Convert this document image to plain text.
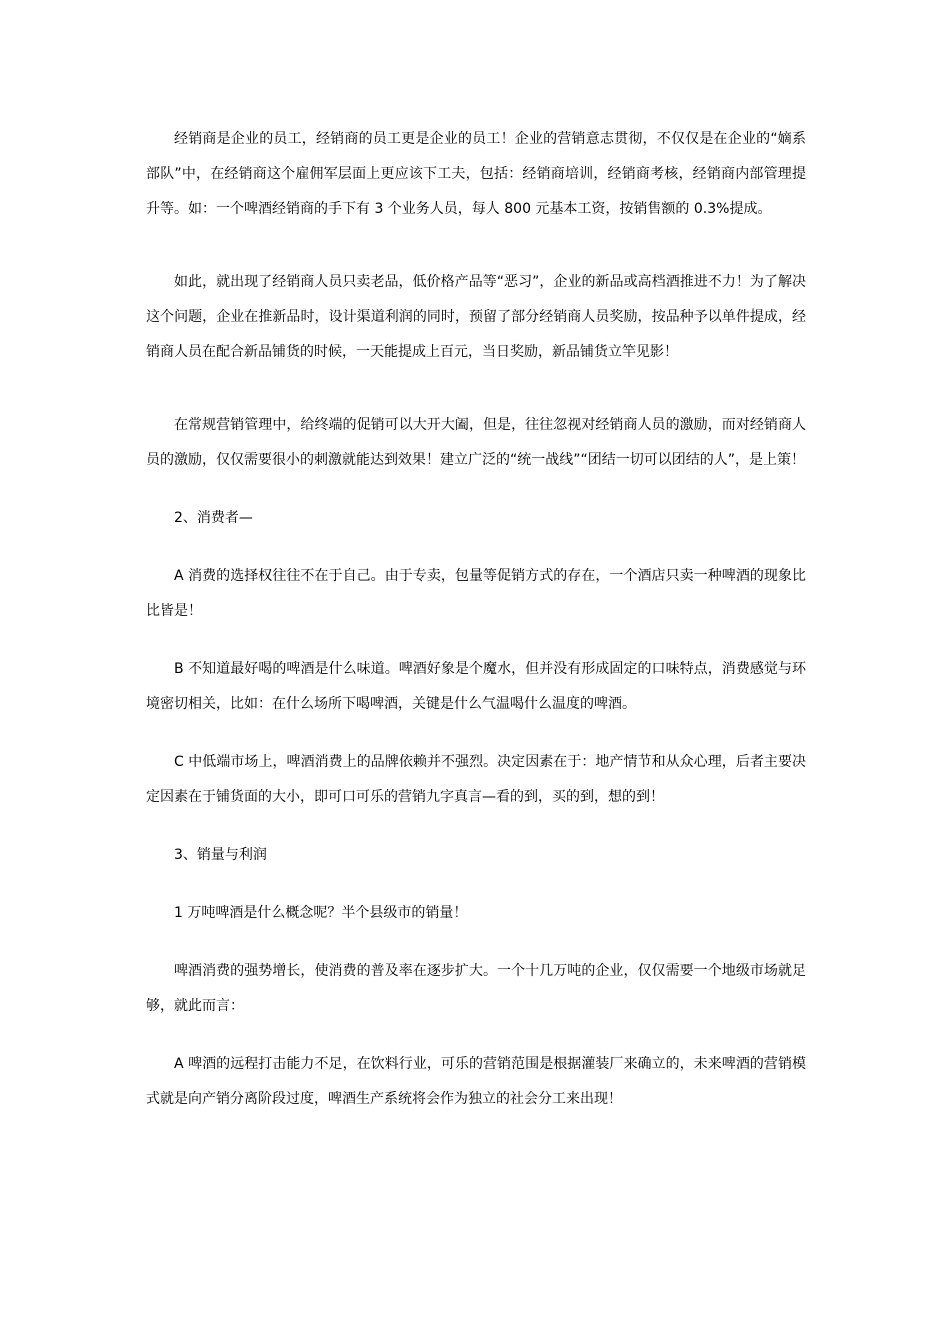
经销商是企业的员工，经销商的员工更是企业的员工！企业的营销意志贯彻，不仅仅是在企业的“嫡系部队”中，在经销商这个雇佣军层面上更应该下工夫，包括：经销商培训，经销商考核，经销商内部管理提升等。如：一个啤酒经销商的手下有 3 个业务人员，每人 800 元基本工资，按销售额的 0.3%提成。

如此，就出现了经销商人员只卖老品，低价格产品等“恶习”，企业的新品或高档酒推进不力！为了解决这个问题，企业在推新品时，设计渠道利润的同时，预留了部分经销商人员奖励，按品种予以单件提成，经销商人员在配合新品铺货的时候，一天能提成上百元，当日奖励，新品铺货立竿见影！

在常规营销管理中，给终端的促销可以大开大阖，但是，往往忽视对经销商人员的激励，而对经销商人员的激励，仅仅需要很小的刺激就能达到效果！建立广泛的“统一战线”“团结一切可以团结的人”，是上策！

2、消费者—

A 消费的选择权往往不在于自己。由于专卖，包量等促销方式的存在，一个酒店只卖一种啤酒的现象比比皆是！

B 不知道最好喝的啤酒是什么味道。啤酒好象是个魔水，但并没有形成固定的口味特点，消费感觉与环境密切相关，比如：在什么场所下喝啤酒，关键是什么气温喝什么温度的啤酒。

C 中低端市场上，啤酒消费上的品牌依赖并不强烈。决定因素在于：地产情节和从众心理，后者主要决定因素在于铺货面的大小，即可口可乐的营销九字真言—看的到，买的到，想的到！

3、销量与利润

1 万吨啤酒是什么概念呢？半个县级市的销量！

啤酒消费的强势增长，使消费的普及率在逐步扩大。一个十几万吨的企业，仅仅需要一个地级市场就足够，就此而言：

A 啤酒的远程打击能力不足，在饮料行业，可乐的营销范围是根据灌装厂来确立的，未来啤酒的营销模式就是向产销分离阶段过度，啤酒生产系统将会作为独立的社会分工来出现！
